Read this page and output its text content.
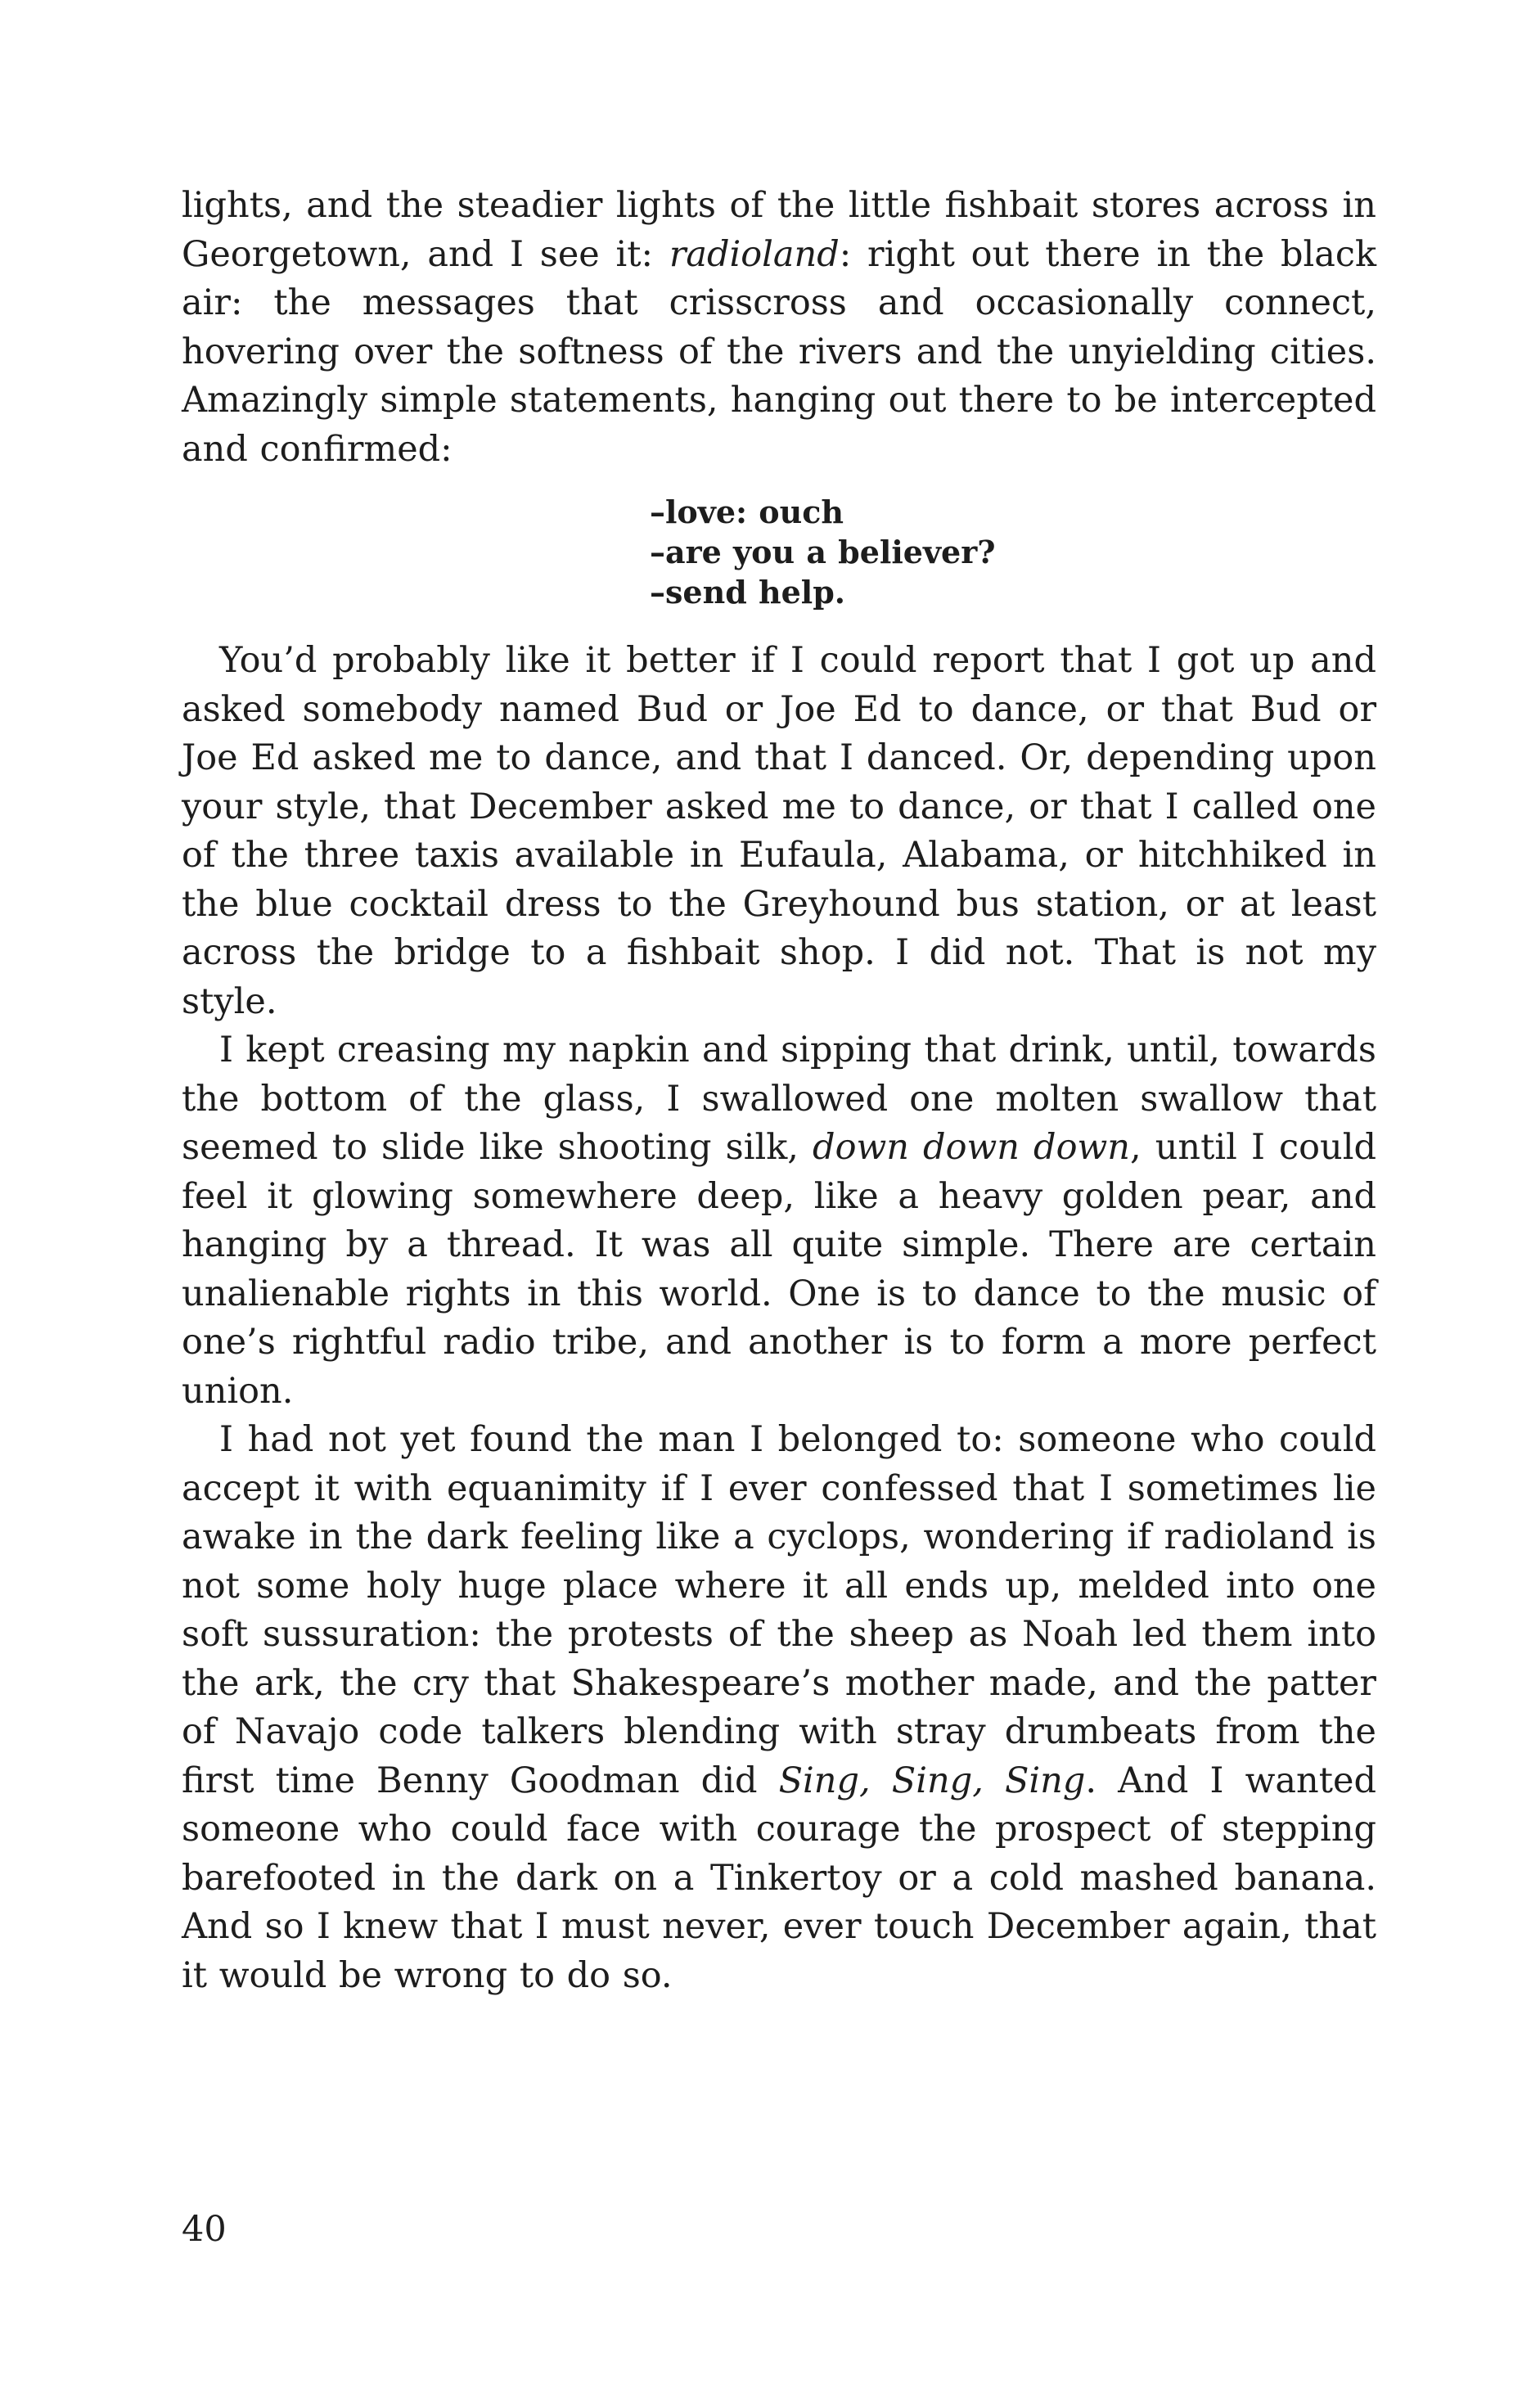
lights, and the steadier lights of the little fishbait stores across in Georgetown, and I see it: radioland: right out there in the black air: the messages that crisscross and occasionally connect, hovering over the softness of the rivers and the unyielding cities. Amazingly simple statements, hanging out there to be intercepted and confirmed:

–love: ouch
–are you a believer?
–send help.

You’d probably like it better if I could report that I got up and asked somebody named Bud or Joe Ed to dance, or that Bud or Joe Ed asked me to dance, and that I danced. Or, depending upon your style, that December asked me to dance, or that I called one of the three taxis available in Eufaula, Alabama, or hitchhiked in the blue cocktail dress to the Greyhound bus station, or at least across the bridge to a fishbait shop. I did not. That is not my style.

I kept creasing my napkin and sipping that drink, until, towards the bottom of the glass, I swallowed one molten swallow that seemed to slide like shooting silk, down down down, until I could feel it glowing somewhere deep, like a heavy golden pear, and hanging by a thread. It was all quite simple. There are certain unalienable rights in this world. One is to dance to the music of one’s rightful radio tribe, and another is to form a more perfect union.

I had not yet found the man I belonged to: someone who could accept it with equanimity if I ever confessed that I sometimes lie awake in the dark feeling like a cyclops, wondering if radioland is not some holy huge place where it all ends up, melded into one soft sussuration: the protests of the sheep as Noah led them into the ark, the cry that Shakespeare’s mother made, and the patter of Navajo code talkers blending with stray drumbeats from the first time Benny Goodman did Sing, Sing, Sing. And I wanted someone who could face with courage the prospect of stepping barefooted in the dark on a Tinkertoy or a cold mashed banana. And so I knew that I must never, ever touch December again, that it would be wrong to do so.

40
